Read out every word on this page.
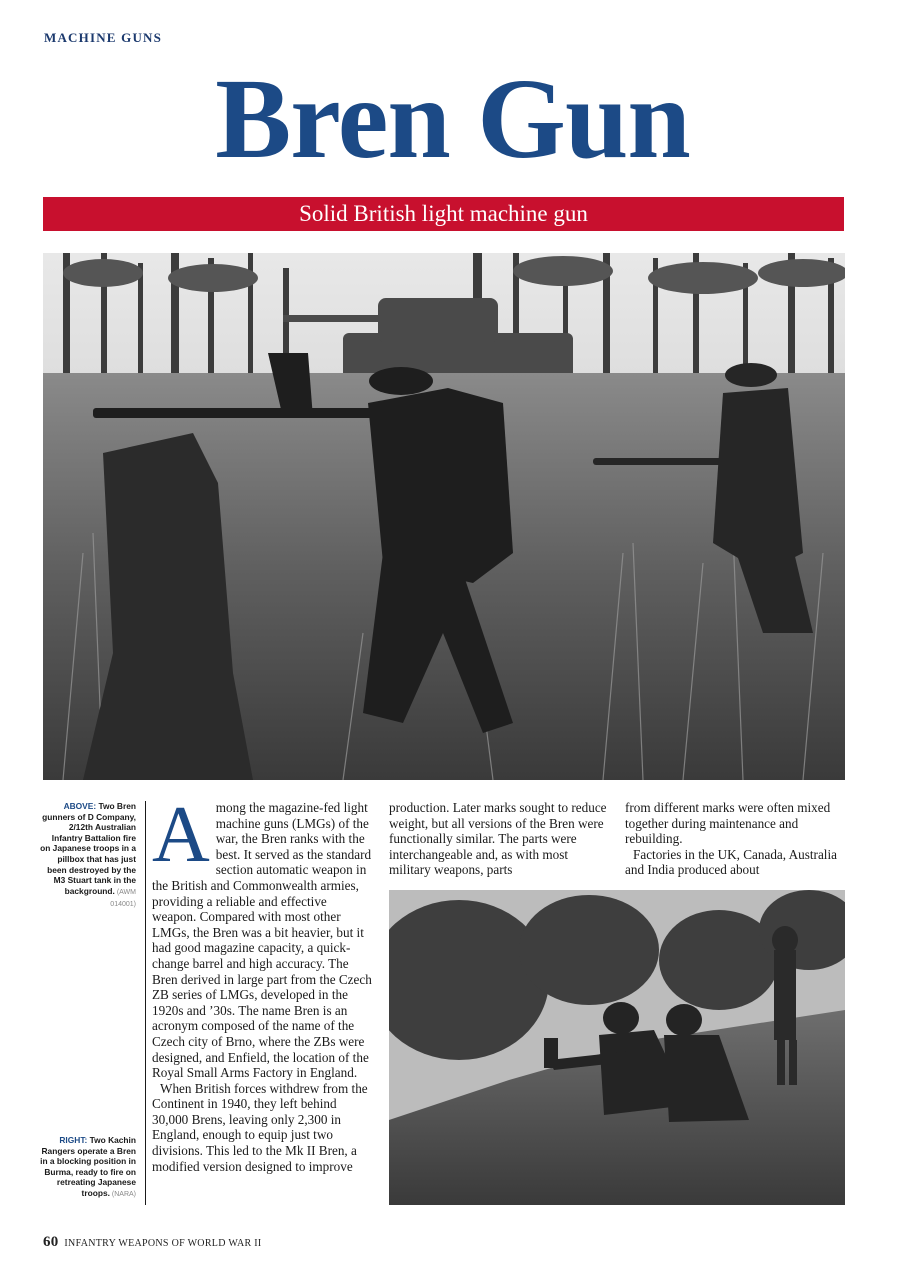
MACHINE GUNS
Bren Gun
Solid British light machine gun
ABOVE: Two Bren gunners of D Company, 2/12th Australian Infantry Battalion fire on Japanese troops in a pillbox that has just been destroyed by the M3 Stuart tank in the background. (AWM 014001)
RIGHT: Two Kachin Rangers operate a Bren in a blocking position in Burma, ready to fire on retreating Japanese troops. (NARA)

Among the magazine-fed light machine guns (LMGs) of the war, the Bren ranks with the best. It served as the standard section automatic weapon in the British and Commonwealth armies, providing a reliable and effective weapon. Compared with most other LMGs, the Bren was a bit heavier, but it had good magazine capacity, a quick-change barrel and high accuracy. The Bren derived in large part from the Czech ZB series of LMGs, developed in the 1920s and ’30s. The name Bren is an acronym composed of the name of the Czech city of Brno, where the ZBs were designed, and Enfield, the location of the Royal Small Arms Factory in England.

When British forces withdrew from the Continent in 1940, they left behind 30,000 Brens, leaving only 2,300 in England, enough to equip just two divisions. This led to the Mk II Bren, a modified version designed to improve

production. Later marks sought to reduce weight, but all versions of the Bren were functionally similar. The parts were interchangeable and, as with most military weapons, parts

from different marks were often mixed together during maintenance and rebuilding.

Factories in the UK, Canada, Australia and India produced about

60 INFANTRY WEAPONS OF WORLD WAR II
